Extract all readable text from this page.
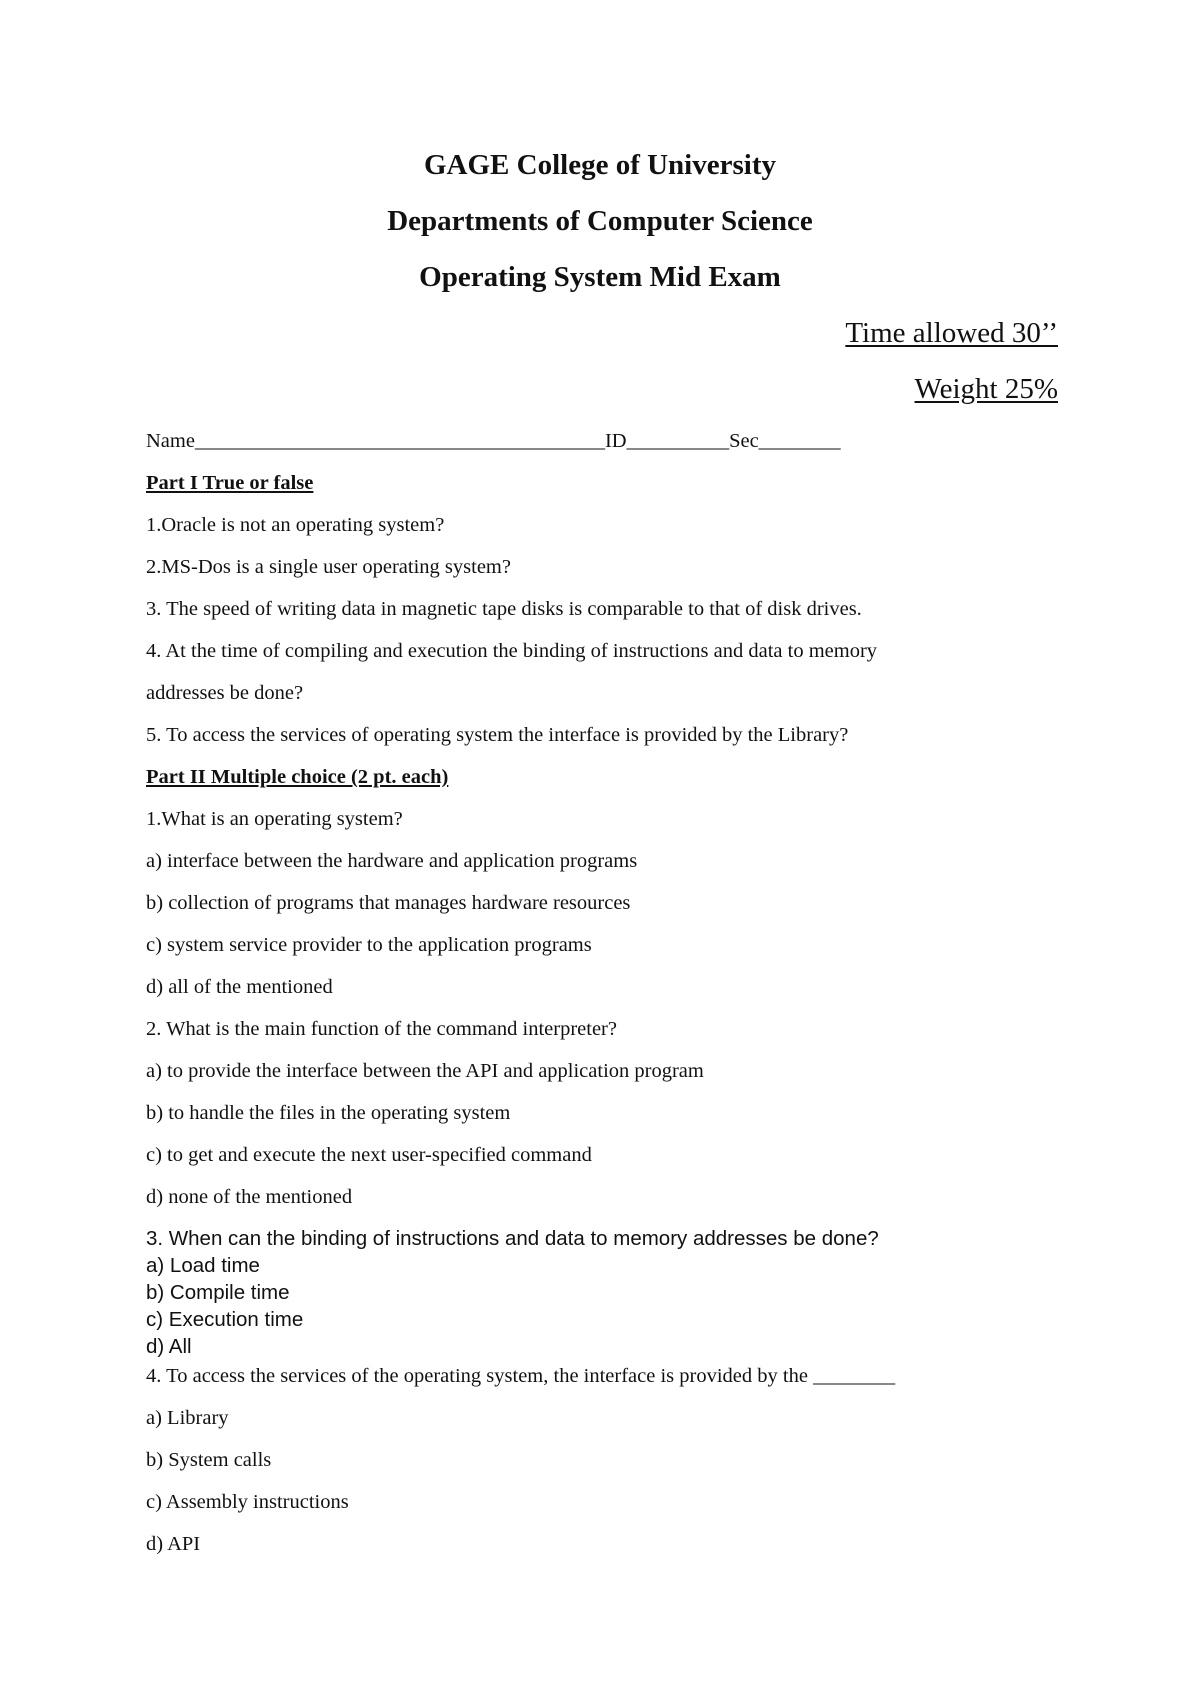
GAGE College of University
Departments of Computer Science
Operating System Mid Exam
Time allowed 30’’
Weight 25%
Name________________________________________ID__________Sec________
Part I True or false
1.Oracle is not an operating system?
2.MS-Dos is a single user operating system?
3. The speed of writing data in magnetic tape disks is comparable to that of disk drives.
4. At the time of compiling and execution the binding of instructions and data to memory
addresses be done?
5. To access the services of operating system the interface is provided by the Library?
Part II Multiple choice (2 pt. each)
1.What is an operating system?
a) interface between the hardware and application programs
b) collection of programs that manages hardware resources
c) system service provider to the application programs
d) all of the mentioned
2. What is the main function of the command interpreter?
a) to provide the interface between the API and application program
b) to handle the files in the operating system
c) to get and execute the next user-specified command
d) none of the mentioned
3. When can the binding of instructions and data to memory addresses be done?
a) Load time
b) Compile time
c) Execution time
d) All
4. To access the services of the operating system, the interface is provided by the ________
a) Library
b) System calls
c) Assembly instructions
d) API
